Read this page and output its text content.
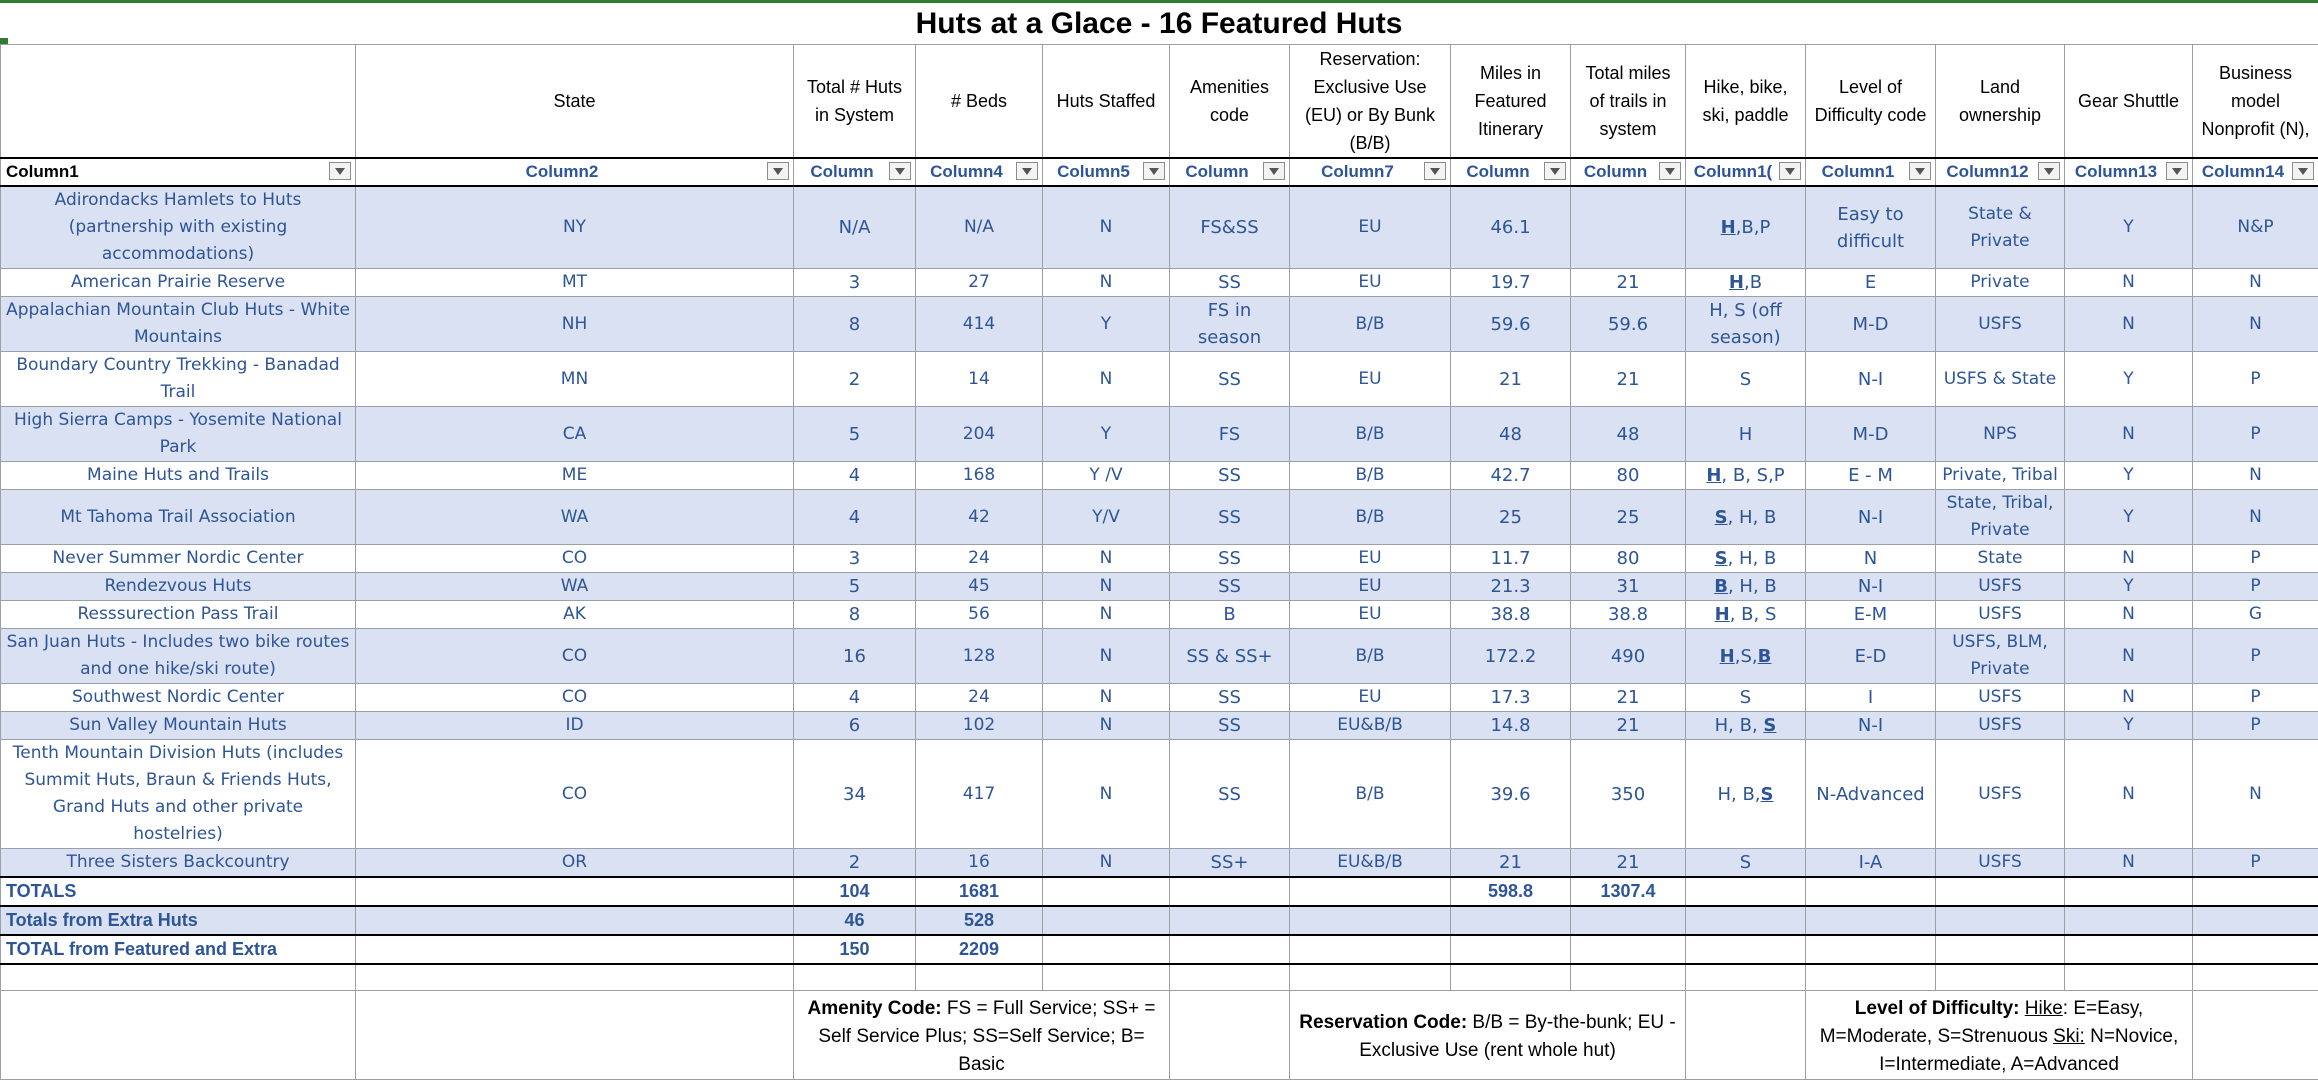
Huts at a Glace - 16 Featured Huts
	State	Total # Huts in System	# Beds	Huts Staffed	Amenities code	Reservation: Exclusive Use (EU) or By Bunk (B/B)	Miles in Featured Itinerary	Total miles of trails in system	Hike, bike, ski, paddle	Level of Difficulty code	Land ownership	Gear Shuttle	Business model Nonprofit (N),
Column1	Column2	Column	Column4	Column5	Column	Column7	Column	Column	Column1(	Column1	Column12	Column13	Column14

Adirondacks Hamlets to Huts (partnership with existing accommodations)	NY	N/A	N/A	N	FS&SS	EU	46.1		H,B,P	Easy to difficult	State & Private	Y	N&P
American Prairie Reserve	MT	3	27	N	SS	EU	19.7	21	H,B	E	Private	N	N
Appalachian Mountain Club Huts - White Mountains	NH	8	414	Y	FS in season	B/B	59.6	59.6	H, S (off season)	M-D	USFS	N	N
Boundary Country Trekking - Banadad Trail	MN	2	14	N	SS	EU	21	21	S	N-I	USFS & State	Y	P
High Sierra Camps - Yosemite National Park	CA	5	204	Y	FS	B/B	48	48	H	M-D	NPS	N	P
Maine Huts and Trails	ME	4	168	Y /V	SS	B/B	42.7	80	H, B, S,P	E - M	Private, Tribal	Y	N
Mt Tahoma Trail Association	WA	4	42	Y/V	SS	B/B	25	25	S, H, B	N-I	State, Tribal, Private	Y	N
Never Summer Nordic Center	CO	3	24	N	SS	EU	11.7	80	S, H, B	N	State	N	P
Rendezvous Huts	WA	5	45	N	SS	EU	21.3	31	B, H, B	N-I	USFS	Y	P
Resssurection Pass Trail	AK	8	56	N	B	EU	38.8	38.8	H, B, S	E-M	USFS	N	G
San Juan Huts - Includes two bike routes and one hike/ski route)	CO	16	128	N	SS & SS+	B/B	172.2	490	H,S,B	E-D	USFS, BLM, Private	N	P
Southwest Nordic Center	CO	4	24	N	SS	EU	17.3	21	S	I	USFS	N	P
Sun Valley Mountain Huts	ID	6	102	N	SS	EU&B/B	14.8	21	H, B, S	N-I	USFS	Y	P
Tenth Mountain Division Huts (includes Summit Huts, Braun & Friends Huts, Grand Huts and other private hostelries)	CO	34	417	N	SS	B/B	39.6	350	H, B,S	N-Advanced	USFS	N	N
Three Sisters Backcountry	OR	2	16	N	SS+	EU&B/B	21	21	S	I-A	USFS	N	P
TOTALS		104	1681				598.8	1307.4					
Totals from Extra Huts		46	528										
TOTAL from Featured and Extra		150	2209										

		Amenity Code: FS = Full Service; SS+ = Self Service Plus; SS=Self Service; B= Basic				Reservation Code: B/B = By-the-bunk; EU - Exclusive Use (rent whole hut)				Level of Difficulty: Hike: E=Easy, M=Moderate, S=Strenuous Ski: N=Novice, I=Intermediate, A=Advanced			
